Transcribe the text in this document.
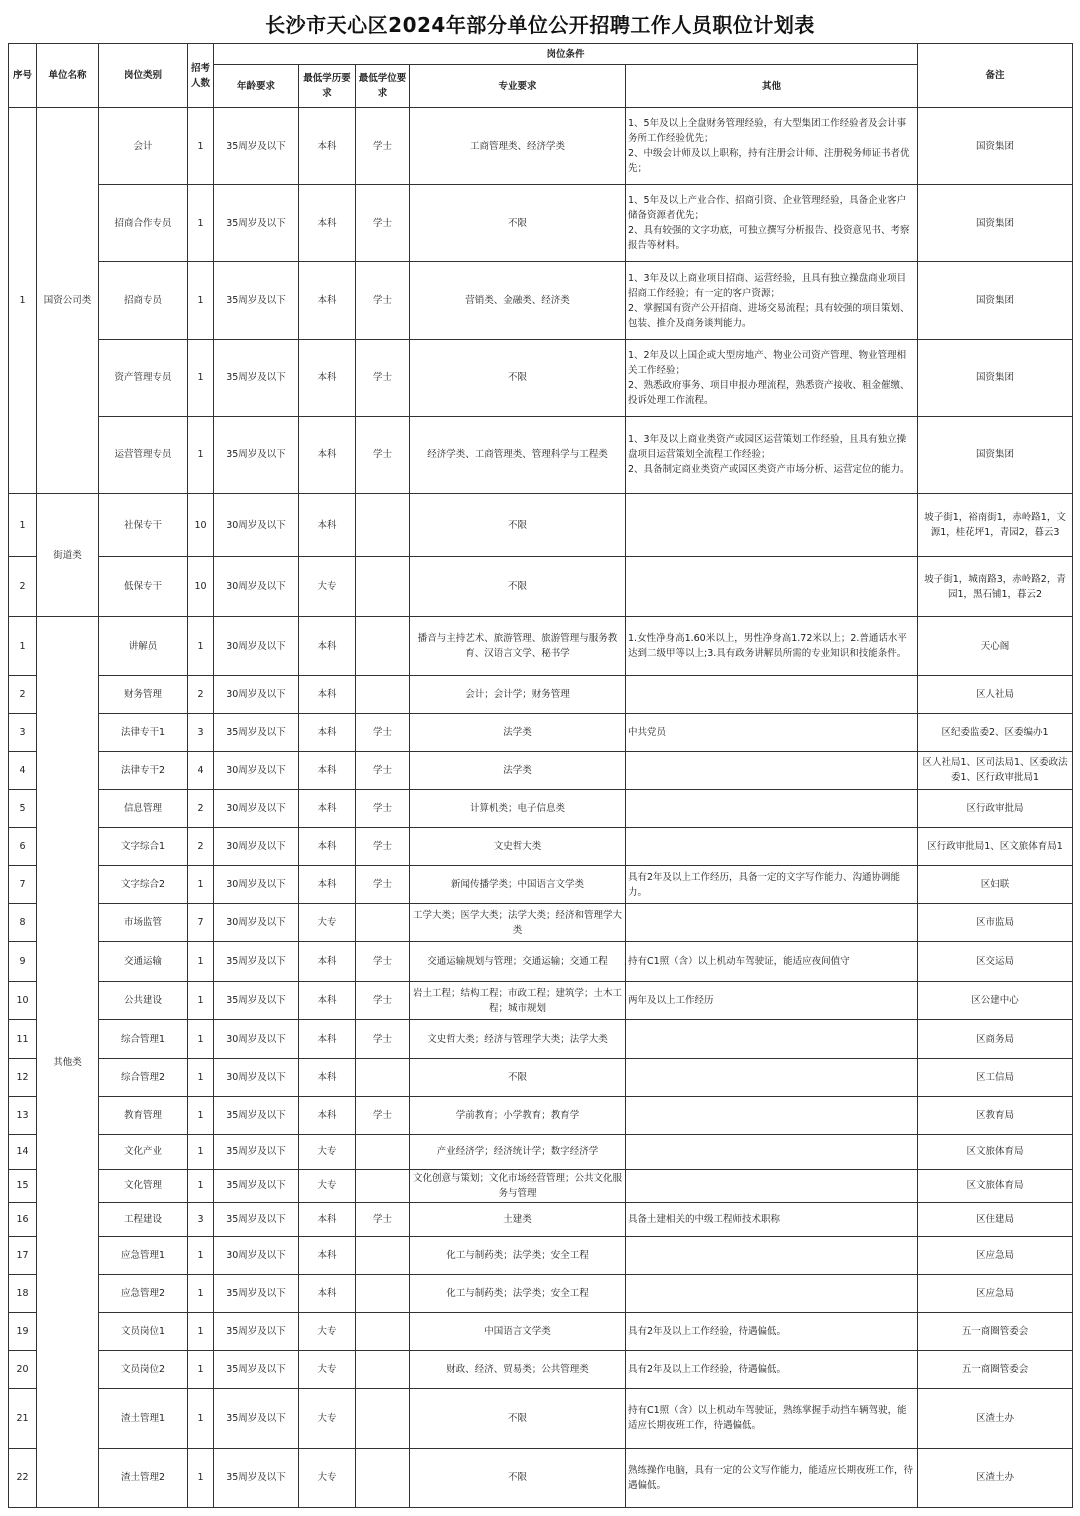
长沙市天心区2024年部分单位公开招聘工作人员职位计划表
序号	单位名称	岗位类别	招考人数	岗位条件					备注
				年龄要求	最低学历要求	最低学位要求	专业要求	其他	
1	国资公司类	会计	1	35周岁及以下	本科	学士	工商管理类、经济学类	1、5年及以上全盘财务管理经验，有大型集团工作经验者及会计事务所工作经验优先；
2、中级会计师及以上职称，持有注册会计师、注册税务师证书者优先；	国资集团
		招商合作专员	1	35周岁及以下	本科	学士	不限	1、5年及以上产业合作、招商引资、企业管理经验，具备企业客户储备资源者优先；
2、具有较强的文字功底，可独立撰写分析报告、投资意见书、考察报告等材料。	国资集团
		招商专员	1	35周岁及以下	本科	学士	营销类、金融类、经济类	1、3年及以上商业项目招商、运营经验，且具有独立操盘商业项目招商工作经验；有一定的客户资源；
2、掌握国有资产公开招商、进场交易流程；具有较强的项目策划、包装、推介及商务谈判能力。	国资集团
		资产管理专员	1	35周岁及以下	本科	学士	不限	1、2年及以上国企或大型房地产、物业公司资产管理、物业管理相关工作经验；
2、熟悉政府事务、项目申报办理流程，熟悉资产接收、租金催缴、投诉处理工作流程。	国资集团
		运营管理专员	1	35周岁及以下	本科	学士	经济学类、工商管理类、管理科学与工程类	1、3年及以上商业类资产或园区运营策划工作经验，且具有独立操盘项目运营策划全流程工作经验；
2、具备制定商业类资产或园区类资产市场分析、运营定位的能力。	国资集团
1	街道类	社保专干	10	30周岁及以下	本科		不限		坡子街1，裕南街1，赤岭路1，文源1，桂花坪1，青园2，暮云3
2		低保专干	10	30周岁及以下	大专		不限		坡子街1，城南路3，赤岭路2，青园1，黑石铺1，暮云2
1	其他类	讲解员	1	30周岁及以下	本科		播音与主持艺术、旅游管理、旅游管理与服务教育、汉语言文学、秘书学	1.女性净身高1.60米以上，男性净身高1.72米以上；2.普通话水平达到二级甲等以上;3.具有政务讲解员所需的专业知识和技能条件。	天心阁
2		财务管理	2	30周岁及以下	本科		会计；会计学；财务管理		区人社局
3		法律专干1	3	35周岁及以下	本科	学士	法学类	中共党员	区纪委监委2、区委编办1
4		法律专干2	4	30周岁及以下	本科	学士	法学类		区人社局1、区司法局1、区委政法委1、区行政审批局1
5		信息管理	2	30周岁及以下	本科	学士	计算机类；电子信息类		区行政审批局
6		文字综合1	2	30周岁及以下	本科	学士	文史哲大类		区行政审批局1、区文旅体育局1
7		文字综合2	1	30周岁及以下	本科	学士	新闻传播学类；中国语言文学类	具有2年及以上工作经历，具备一定的文字写作能力、沟通协调能力。	区妇联
8		市场监管	7	30周岁及以下	大专		工学大类；医学大类；法学大类；经济和管理学大类		区市监局
9		交通运输	1	35周岁及以下	本科	学士	交通运输规划与管理；交通运输；交通工程	持有C1照（含）以上机动车驾驶证，能适应夜间值守	区交运局
10		公共建设	1	35周岁及以下	本科	学士	岩土工程；结构工程；市政工程；建筑学；土木工程；城市规划	两年及以上工作经历	区公建中心
11		综合管理1	1	30周岁及以下	本科	学士	文史哲大类；经济与管理学大类；法学大类		区商务局
12		综合管理2	1	30周岁及以下	本科		不限		区工信局
13		教育管理	1	35周岁及以下	本科	学士	学前教育；小学教育；教育学		区教育局
14		文化产业	1	35周岁及以下	大专		产业经济学；经济统计学；数字经济学		区文旅体育局
15		文化管理	1	35周岁及以下	大专		文化创意与策划；文化市场经营管理；公共文化服务与管理		区文旅体育局
16		工程建设	3	35周岁及以下	本科	学士	土建类	具备土建相关的中级工程师技术职称	区住建局
17		应急管理1	1	30周岁及以下	本科		化工与制药类；法学类；安全工程		区应急局
18		应急管理2	1	35周岁及以下	本科		化工与制药类；法学类；安全工程		区应急局
19		文员岗位1	1	35周岁及以下	大专		中国语言文学类	具有2年及以上工作经验，待遇偏低。	五一商圈管委会
20		文员岗位2	1	35周岁及以下	大专		财政、经济、贸易类；公共管理类	具有2年及以上工作经验，待遇偏低。	五一商圈管委会
21		渣土管理1	1	35周岁及以下	大专		不限	持有C1照（含）以上机动车驾驶证，熟练掌握手动挡车辆驾驶，能适应长期夜班工作，待遇偏低。	区渣土办
22		渣土管理2	1	35周岁及以下	大专		不限	熟练操作电脑，具有一定的公文写作能力，能适应长期夜班工作，待遇偏低。	区渣土办
